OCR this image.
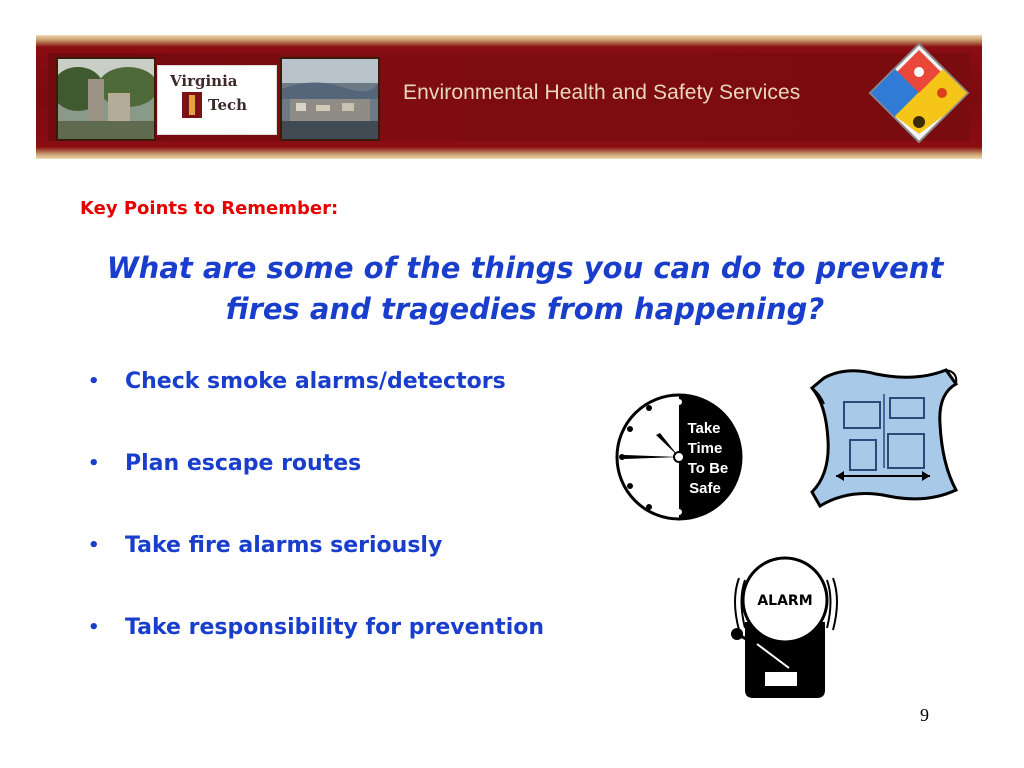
Virginia
Tech
Environmental Health and Safety Services
Key Points to Remember:
What are some of the things you can do to prevent fires and tragedies from happening?
• Check smoke alarms/detectors
• Plan escape routes
• Take fire alarms seriously
• Take responsibility for prevention
Take
Time
To Be
Safe
ALARM
9
